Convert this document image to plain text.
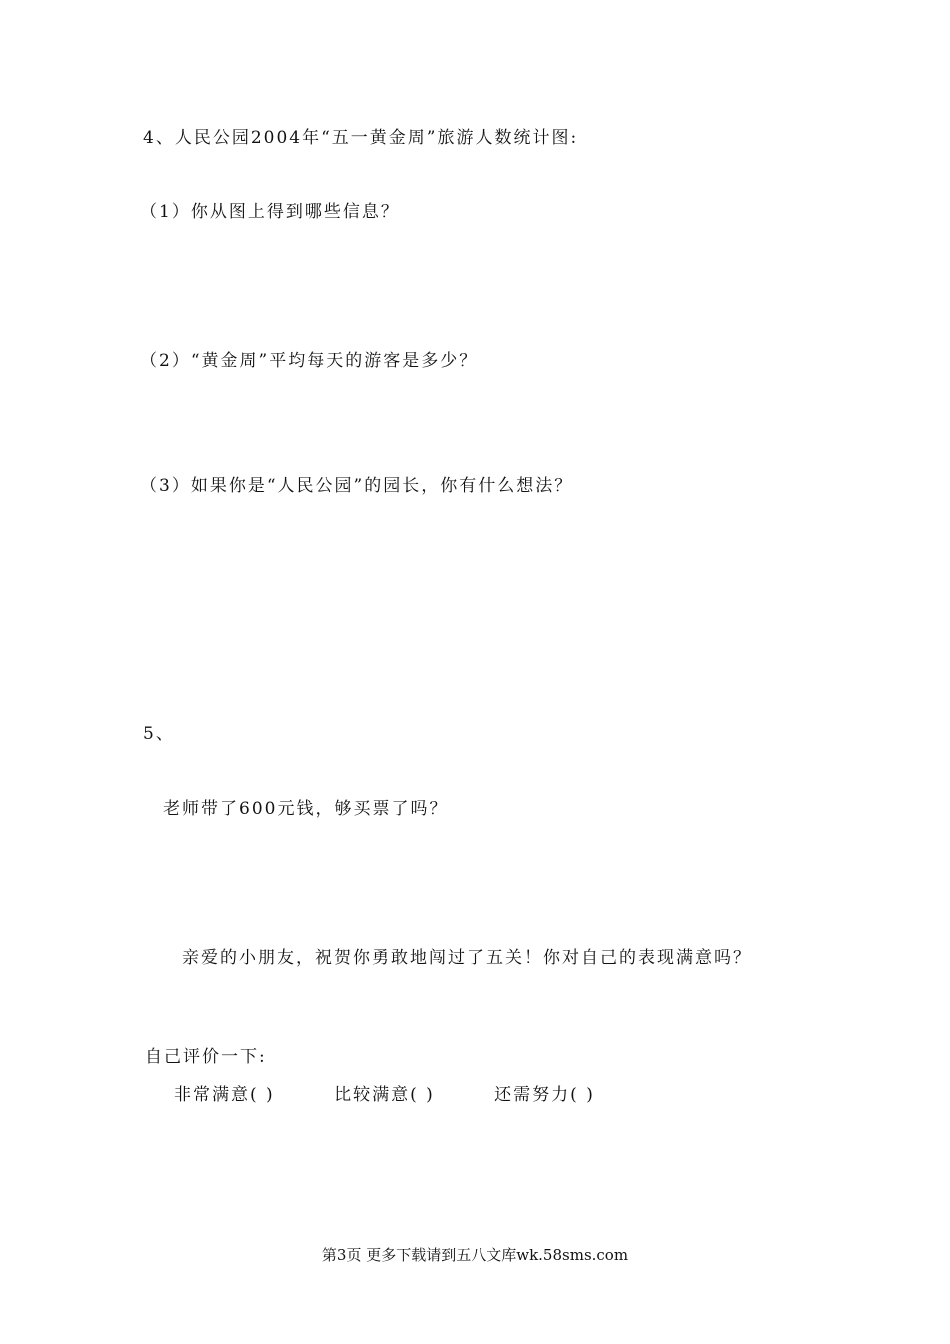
4、人民公园2004年“五一黄金周”旅游人数统计图:
（1）你从图上得到哪些信息？
（2）“黄金周”平均每天的游客是多少？
（3）如果你是“人民公园”的园长，你有什么想法？
5、
老师带了600元钱，够买票了吗？
亲爱的小朋友，祝贺你勇敢地闯过了五关！你对自己的表现满意吗？
自己评价一下:
非常满意( )	比较满意( )	还需努力( )
第3页 更多下载请到五八文库wk.58sms.com
